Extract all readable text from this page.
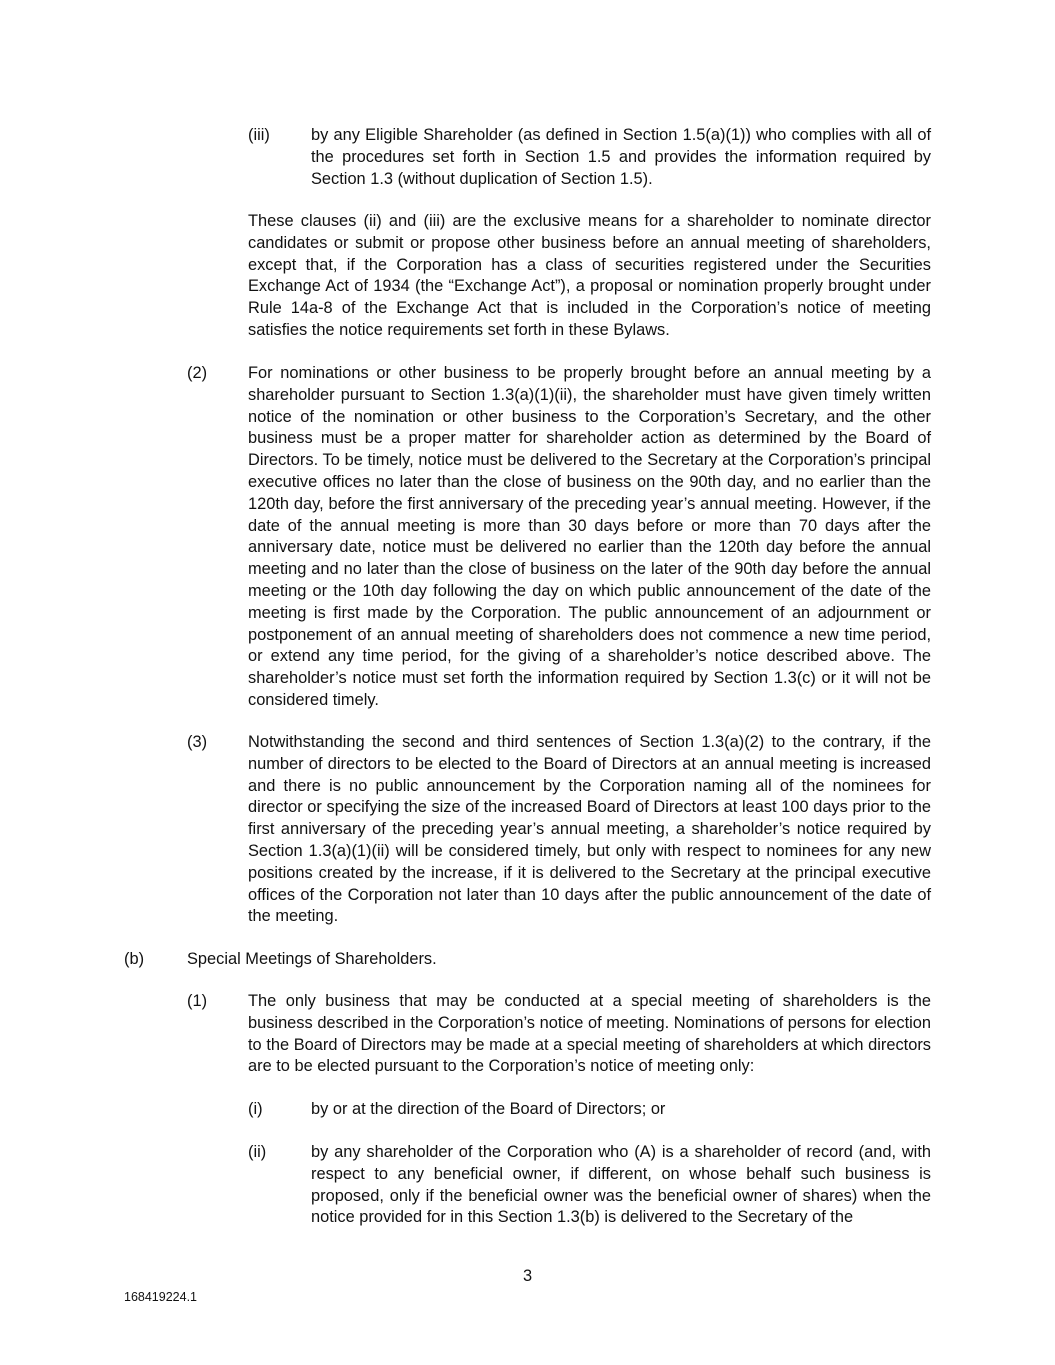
(iii)	by any Eligible Shareholder (as defined in Section 1.5(a)(1)) who complies with all of the procedures set forth in Section 1.5 and provides the information required by Section 1.3 (without duplication of Section 1.5).
These clauses (ii) and (iii) are the exclusive means for a shareholder to nominate director candidates or submit or propose other business before an annual meeting of shareholders, except that, if the Corporation has a class of securities registered under the Securities Exchange Act of 1934 (the “Exchange Act”), a proposal or nomination properly brought under Rule 14a-8 of the Exchange Act that is included in the Corporation’s notice of meeting satisfies the notice requirements set forth in these Bylaws.
(2) For nominations or other business to be properly brought before an annual meeting by a shareholder pursuant to Section 1.3(a)(1)(ii), the shareholder must have given timely written notice of the nomination or other business to the Corporation’s Secretary, and the other business must be a proper matter for shareholder action as determined by the Board of Directors. To be timely, notice must be delivered to the Secretary at the Corporation’s principal executive offices no later than the close of business on the 90th day, and no earlier than the 120th day, before the first anniversary of the preceding year’s annual meeting. However, if the date of the annual meeting is more than 30 days before or more than 70 days after the anniversary date, notice must be delivered no earlier than the 120th day before the annual meeting and no later than the close of business on the later of the 90th day before the annual meeting or the 10th day following the day on which public announcement of the date of the meeting is first made by the Corporation. The public announcement of an adjournment or postponement of an annual meeting of shareholders does not commence a new time period, or extend any time period, for the giving of a shareholder’s notice described above. The shareholder’s notice must set forth the information required by Section 1.3(c) or it will not be considered timely.
(3) Notwithstanding the second and third sentences of Section 1.3(a)(2) to the contrary, if the number of directors to be elected to the Board of Directors at an annual meeting is increased and there is no public announcement by the Corporation naming all of the nominees for director or specifying the size of the increased Board of Directors at least 100 days prior to the first anniversary of the preceding year’s annual meeting, a shareholder’s notice required by Section 1.3(a)(1)(ii) will be considered timely, but only with respect to nominees for any new positions created by the increase, if it is delivered to the Secretary at the principal executive offices of the Corporation not later than 10 days after the public announcement of the date of the meeting.
(b)	Special Meetings of Shareholders.
(1) The only business that may be conducted at a special meeting of shareholders is the business described in the Corporation’s notice of meeting. Nominations of persons for election to the Board of Directors may be made at a special meeting of shareholders at which directors are to be elected pursuant to the Corporation’s notice of meeting only:
(i)	by or at the direction of the Board of Directors; or
(ii)	by any shareholder of the Corporation who (A) is a shareholder of record (and, with respect to any beneficial owner, if different, on whose behalf such business is proposed, only if the beneficial owner was the beneficial owner of shares) when the notice provided for in this Section 1.3(b) is delivered to the Secretary of the
3
168419224.1
